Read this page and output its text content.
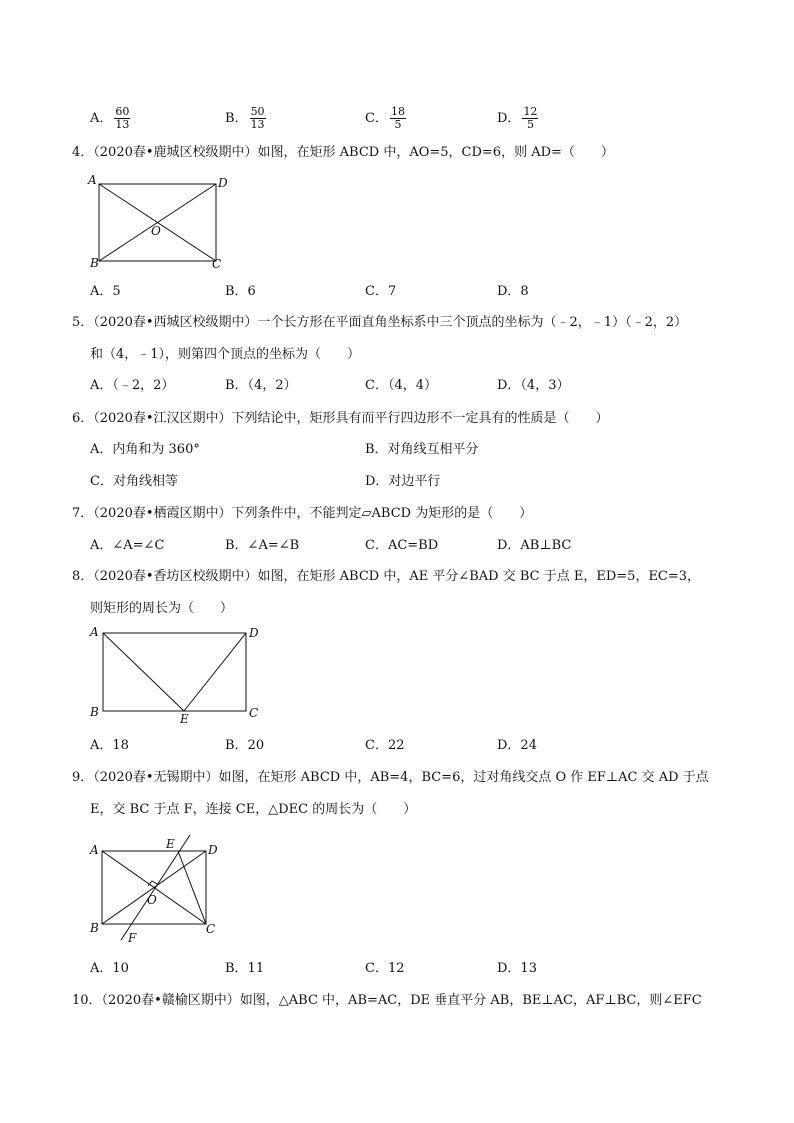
A． $\frac{60}{13}$	B． $\frac{50}{13}$	C． $\frac{18}{5}$	D． $\frac{12}{5}$
4．（2020春•鹿城区校级期中）如图，在矩形 ABCD 中，AO=5，CD=6，则 AD=（　　）
A	D
O
B	C
A．5	B．6	C．7	D．8
5．（2020春•西城区校级期中）一个长方形在平面直角坐标系中三个顶点的坐标为（﹣2，﹣1）（﹣2，2）
和（4，﹣1），则第四个顶点的坐标为（　　）
A．（﹣2，2）	B．（4，2）	C．（4，4）	D．（4，3）
6．（2020春•江汉区期中）下列结论中，矩形具有而平行四边形不一定具有的性质是（　　）
A．内角和为 360°	B．对角线互相平分
C．对角线相等	D．对边平行
7．（2020春•栖霞区期中）下列条件中，不能判定▱ABCD 为矩形的是（　　）
A．∠A=∠C	B．∠A=∠B	C．AC=BD	D．AB⊥BC
8．（2020春•香坊区校级期中）如图，在矩形 ABCD 中，AE 平分∠BAD 交 BC 于点 E，ED=5，EC=3，
则矩形的周长为（　　）
A	D
B	E	C
A．18	B．20	C．22	D．24
9．（2020春•无锡期中）如图，在矩形 ABCD 中，AB=4，BC=6，过对角线交点 O 作 EF⊥AC 交 AD 于点
E，交 BC 于点 F，连接 CE，△DEC 的周长为（　　）
A	E	D
O
B
F
C
A．10	B．11	C．12	D．13
10．（2020春•赣榆区期中）如图，△ABC 中，AB=AC，DE 垂直平分 AB，BE⊥AC，AF⊥BC，则∠EFC
